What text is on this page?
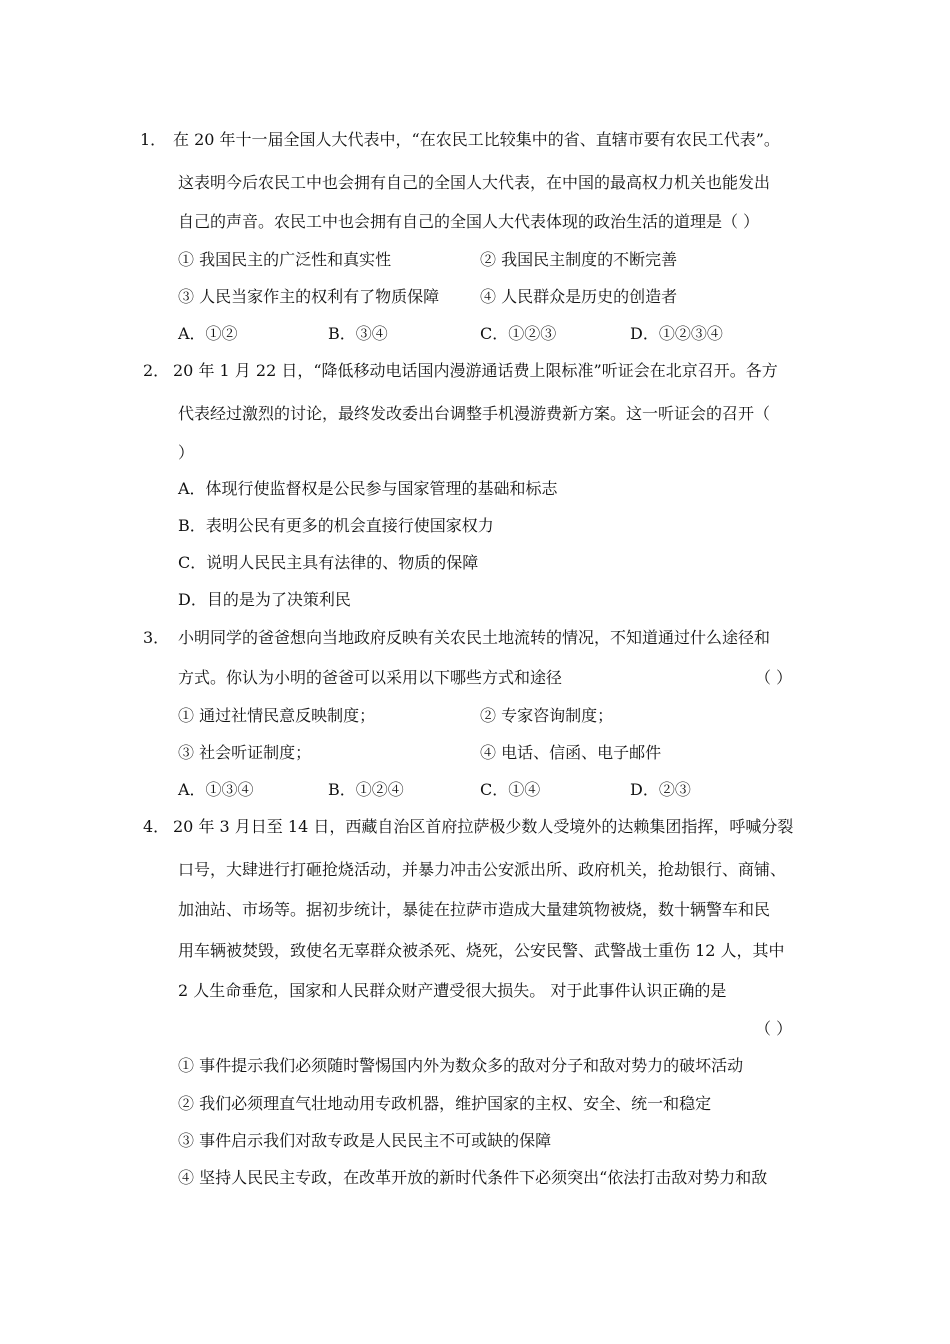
1． 在 20 年十一届全国人大代表中，“在农民工比较集中的省、直辖市要有农民工代表”。
这表明今后农民工中也会拥有自己的全国人大代表，在中国的最高权力机关也能发出
自己的声音。农民工中也会拥有自己的全国人大代表体现的政治生活的道理是（ ）
① 我国民主的广泛性和真实性	② 我国民主制度的不断完善
③ 人民当家作主的权利有了物质保障	④ 人民群众是历史的创造者
A．①②	B．③④	C．①②③	D．①②③④
2． 20 年 1 月 22 日，“降低移动电话国内漫游通话费上限标准”听证会在北京召开。各方
代表经过激烈的讨论，最终发改委出台调整手机漫游费新方案。这一听证会的召开（
）
A．体现行使监督权是公民参与国家管理的基础和标志
B．表明公民有更多的机会直接行使国家权力
C．说明人民民主具有法律的、物质的保障
D．目的是为了决策利民
3． 小明同学的爸爸想向当地政府反映有关农民土地流转的情况，不知道通过什么途径和
方式。你认为小明的爸爸可以采用以下哪些方式和途径	（ ）
① 通过社情民意反映制度；	② 专家咨询制度；
③ 社会听证制度；	④ 电话、信函、电子邮件
A．①③④	B．①②④	C．①④	D．②③
4． 20 年 3 月日至 14 日，西藏自治区首府拉萨极少数人受境外的达赖集团指挥，呼喊分裂
口号，大肆进行打砸抢烧活动，并暴力冲击公安派出所、政府机关，抢劫银行、商铺、
加油站、市场等。据初步统计，暴徒在拉萨市造成大量建筑物被烧，数十辆警车和民
用车辆被焚毁，致使名无辜群众被杀死、烧死，公安民警、武警战士重伤 12 人，其中
2 人生命垂危，国家和人民群众财产遭受很大损失。 对于此事件认识正确的是
（ ）
① 事件提示我们必须随时警惕国内外为数众多的敌对分子和敌对势力的破坏活动
② 我们必须理直气壮地动用专政机器，维护国家的主权、安全、统一和稳定
③ 事件启示我们对敌专政是人民民主不可或缺的保障
④ 坚持人民民主专政，在改革开放的新时代条件下必须突出“依法打击敌对势力和敌
